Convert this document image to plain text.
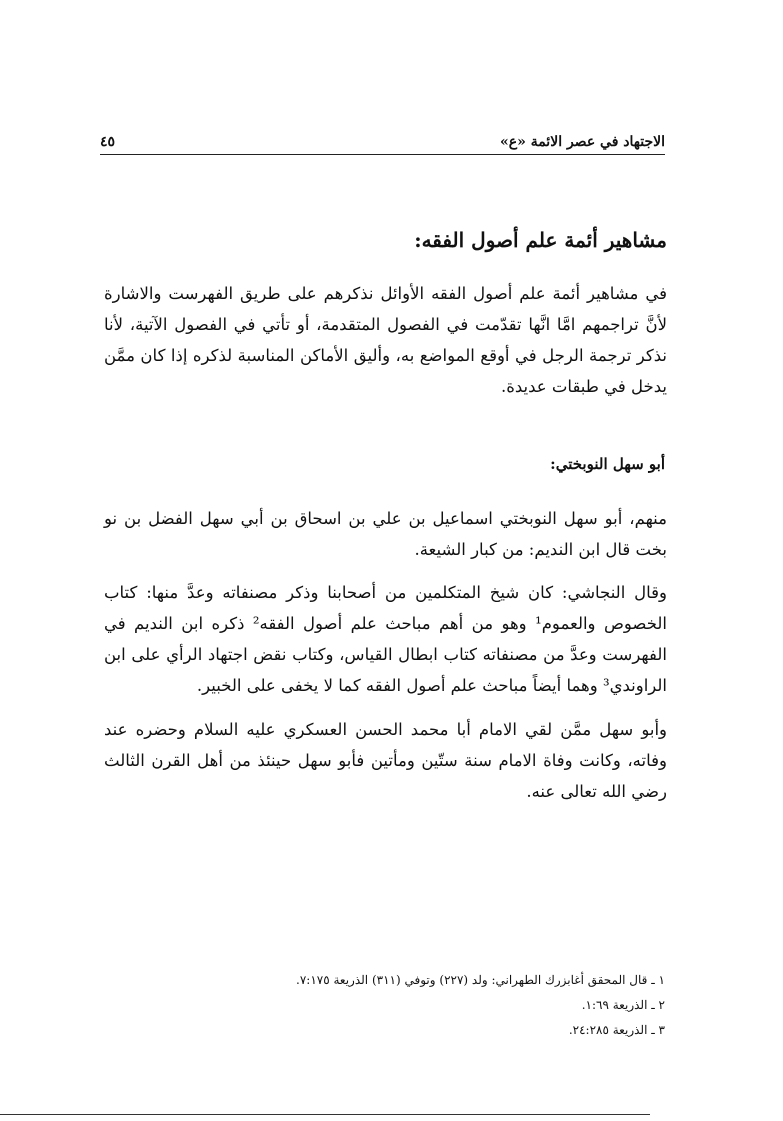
الاجتهاد في عصر الائمة «ع»
٤٥
مشاهير أئمة علم أصول الفقه:

في مشاهير أئمة علم أصول الفقه الأوائل نذكرهم على طريق الفهرست والاشارة لأنَّ تراجمهم امَّا انَّها تقدّمت في الفصول المتقدمة، أو تأتي في الفصول الآتية، لأنا نذكر ترجمة الرجل في أوقع المواضع به، وأليق الأماكن المناسبة لذكره إذا كان ممَّن يدخل في طبقات عديدة.

أبو سهل النوبختي:

منهم، أبو سهل النوبختي اسماعيل بن علي بن اسحاق بن أبي سهل الفضل بن نو بخت قال ابن النديم: من كبار الشيعة.

وقال النجاشي: كان شيخ المتكلمين من أصحابنا وذكر مصنفاته وعدَّ منها: كتاب الخصوص والعموم¹ وهو من أهم مباحث علم أصول الفقه² ذكره ابن النديم في الفهرست وعدَّ من مصنفاته كتاب ابطال القياس، وكتاب نقض اجتهاد الرأي على ابن الراوندي³ وهما أيضاً مباحث علم أصول الفقه كما لا يخفى على الخبير.

وأبو سهل ممَّن لقي الامام أبا محمد الحسن العسكري عليه السلام وحضره عند وفاته، وكانت وفاة الامام سنة ستّين ومأتين فأبو سهل حينئذ من أهل القرن الثالث رضي الله تعالى عنه.

١ ـ قال المحقق أغابزرك الطهراني: ولد (٢٢٧) وتوفي (٣١١) الذريعة ٧:١٧٥.
٢ ـ الذريعة ١:٦٩.
٣ ـ الذريعة ٢٤:٢٨٥.
